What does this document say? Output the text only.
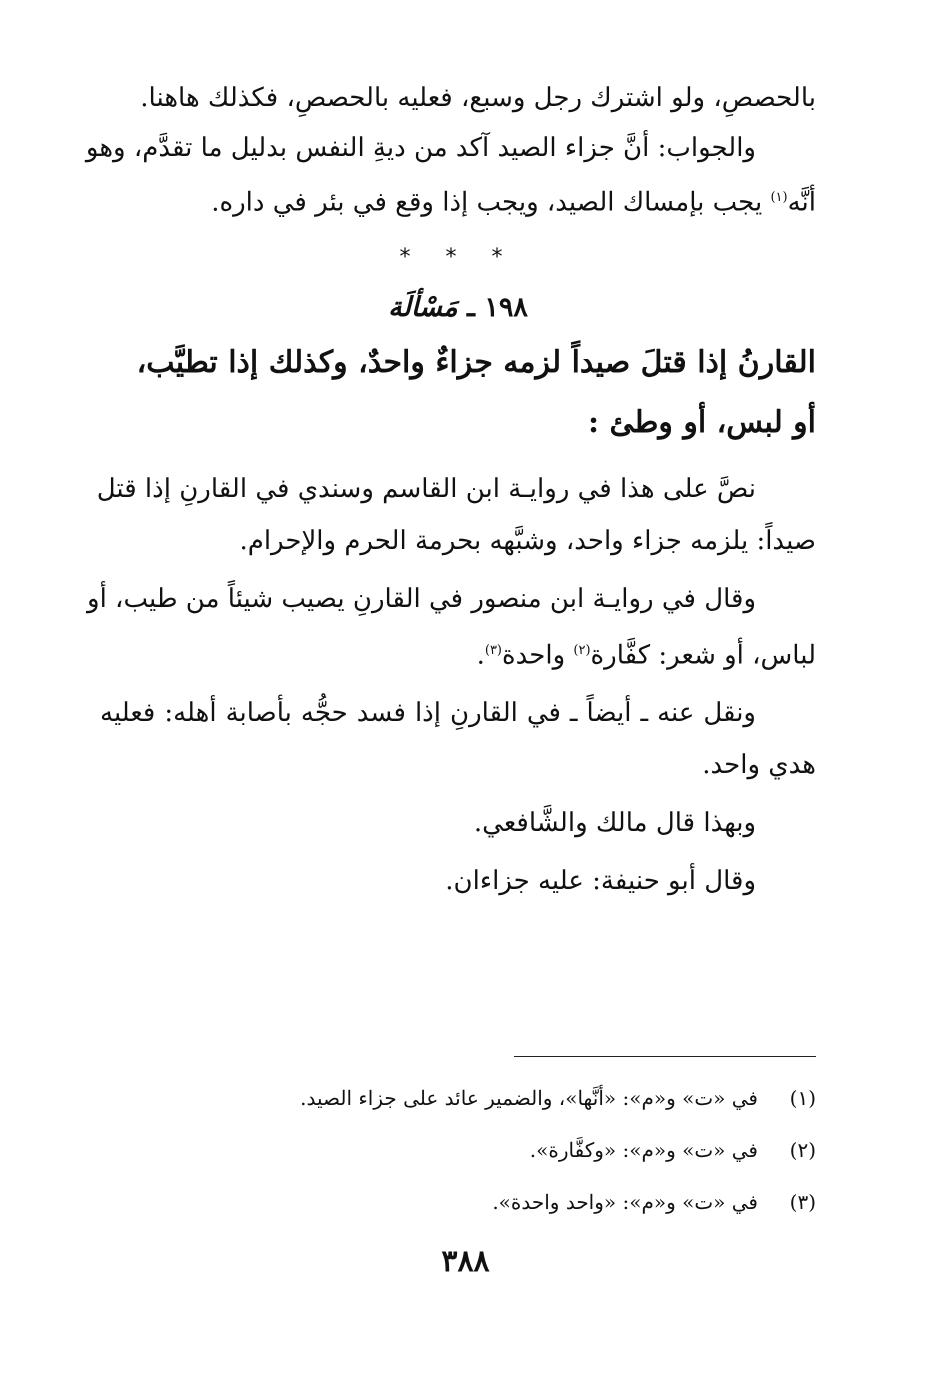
بالحصصِ، ولو اشترك رجل وسبع، فعليه بالحصصِ، فكذلك هاهنا.

والجواب: أنَّ جزاء الصيد آكد من ديةِ النفس بدليل ما تقدَّم، وهو

أنَّه$^{(١)}$ يجب بإمساك الصيد، ويجب إذا وقع في بئر في داره.

* * *
١٩٨ ـ مَسْألَة

القارنُ إذا قتلَ صيداً لزمه جزاءٌ واحدٌ، وكذلك إذا تطيَّب،

أو لبس، أو وطئ :

نصَّ على هذا في روايـة ابن القاسم وسندي في القارنِ إذا قتل

صيداً: يلزمه جزاء واحد، وشبَّهه بحرمة الحرم والإحرام.

وقال في روايـة ابن منصور في القارنِ يصيب شيئاً من طيب، أو

لباس، أو شعر: كفَّارة$^{(٢)}$ واحدة$^{(٣)}$.

ونقل عنه ـ أيضاً ـ في القارنِ إذا فسد حجُّه بأصابة أهله: فعليه

هدي واحد.

وبهذا قال مالك والشَّافعي.

وقال أبو حنيفة: عليه جزاءان.

(١)في «ت» و«م»: «أنَّها»، والضمير عائد على جزاء الصيد.
(٢)في «ت» و«م»: «وكفَّارة».
(٣)في «ت» و«م»: «واحد واحدة».
٣٨٨
